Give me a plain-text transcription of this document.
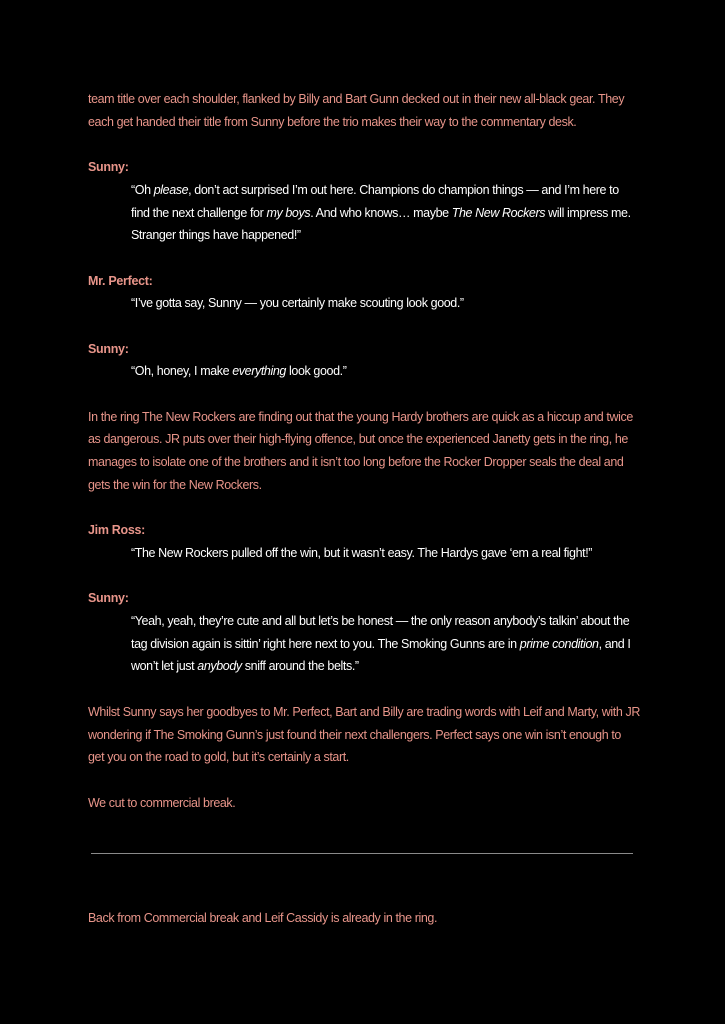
team title over each shoulder, flanked by Billy and Bart Gunn decked out in their new all-black gear. They each get handed their title from Sunny before the trio makes their way to the commentary desk.

Sunny:

“Oh please, don’t act surprised I’m out here. Champions do champion things — and I’m here to find the next challenge for my boys. And who knows… maybe The New Rockers will impress me. Stranger things have happened!”

Mr. Perfect:

“I’ve gotta say, Sunny — you certainly make scouting look good.”

Sunny:

“Oh, honey, I make everything look good.”

In the ring The New Rockers are finding out that the young Hardy brothers are quick as a hiccup and twice as dangerous. JR puts over their high-flying offence, but once the experienced Janetty gets in the ring, he manages to isolate one of the brothers and it isn’t too long before the Rocker Dropper seals the deal and gets the win for the New Rockers.

Jim Ross:

“The New Rockers pulled off the win, but it wasn’t easy. The Hardys gave ‘em a real fight!”

Sunny:

“Yeah, yeah, they’re cute and all but let’s be honest — the only reason anybody’s talkin’ about the tag division again is sittin’ right here next to you. The Smoking Gunns are in prime condition, and I won’t let just anybody sniff around the belts.”

Whilst Sunny says her goodbyes to Mr. Perfect, Bart and Billy are trading words with Leif and Marty, with JR wondering if The Smoking Gunn’s just found their next challengers. Perfect says one win isn’t enough to get you on the road to gold, but it’s certainly a start.

We cut to commercial break.

Back from Commercial break and Leif Cassidy is already in the ring.
